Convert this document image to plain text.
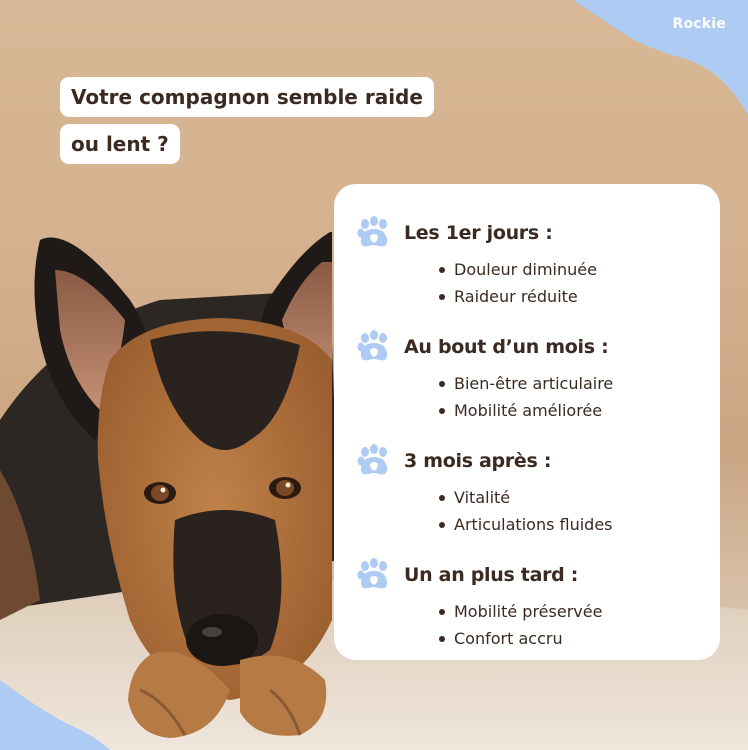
Rockie
Votre compagnon semble raide
ou lent ?
Les 1er jours :
Douleur diminuée
Raideur réduite
Au bout d’un mois :
Bien-être articulaire
Mobilité améliorée
3 mois après :
Vitalité
Articulations fluides
Un an plus tard :
Mobilité préservée
Confort accru
